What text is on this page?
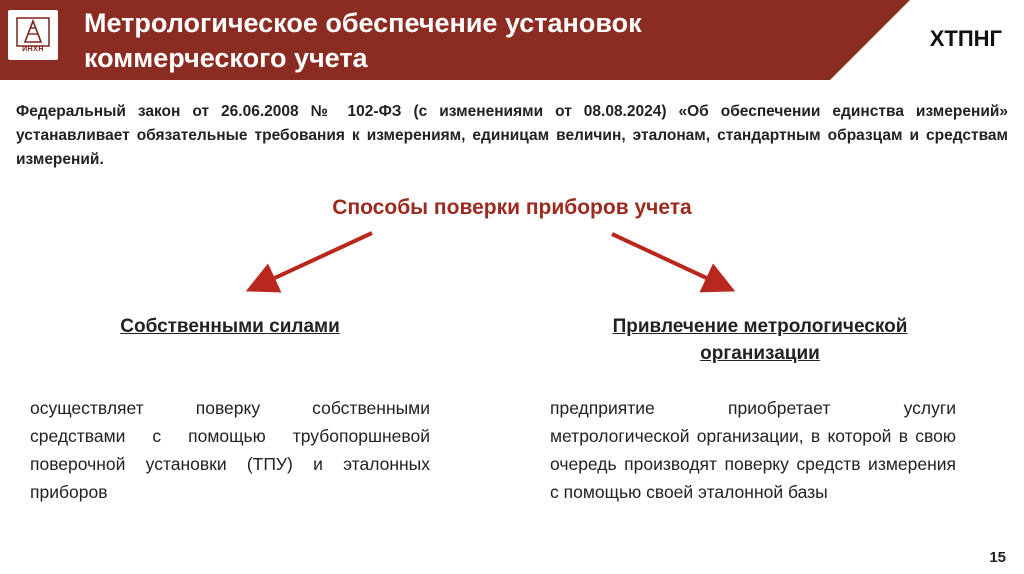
ИНХН
Метрологическое обеспечение установок коммерческого учета
ХТПНГ

Федеральный закон от 26.06.2008 № 102-ФЗ (с изменениями от 08.08.2024) «Об обеспечении единства измерений» устанавливает обязательные требования к измерениям, единицам величин, эталонам, стандартным образцам и средствам измерений.

Способы поверки приборов учета
Собственными силами

осуществляет поверку собственными средствами с помощью трубопоршневой поверочной установки (ТПУ) и эталонных приборов

Привлечение метрологической организации

предприятие приобретает услуги метрологической организации, в которой в свою очередь производят поверку средств измерения с помощью своей эталонной базы

15
